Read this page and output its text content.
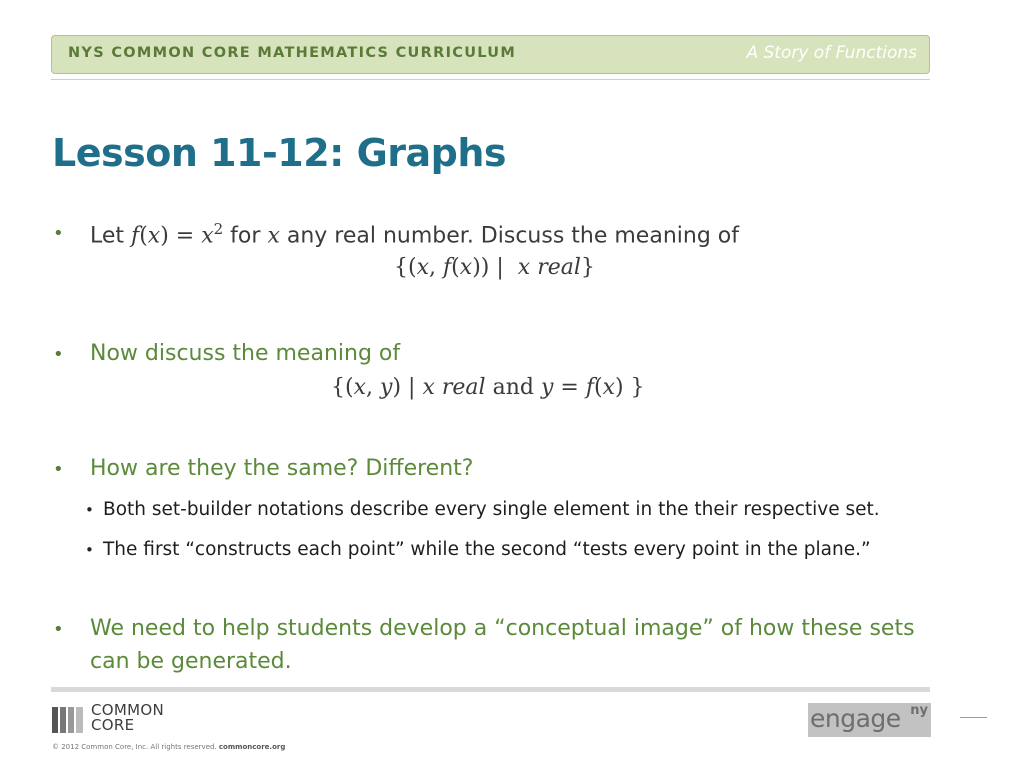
NYS COMMON CORE MATHEMATICS CURRICULUM	A Story of Functions
Lesson 11-12: Graphs
• Let $f(x) = x^2$ for x any real number. Discuss the meaning of
{(x, f(x)) | x real}
• Now discuss the meaning of
{(x, y) | x real and y = f(x) }
• How are they the same? Different?
• Both set-builder notations describe every single element in the their respective set.
• The first “constructs each point” while the second “tests every point in the plane.”
• We need to help students develop a “conceptual image” of how these sets
can be generated.
COMMON
CORE
© 2012 Common Core, Inc. All rights reserved. commoncore.org
engage ny
